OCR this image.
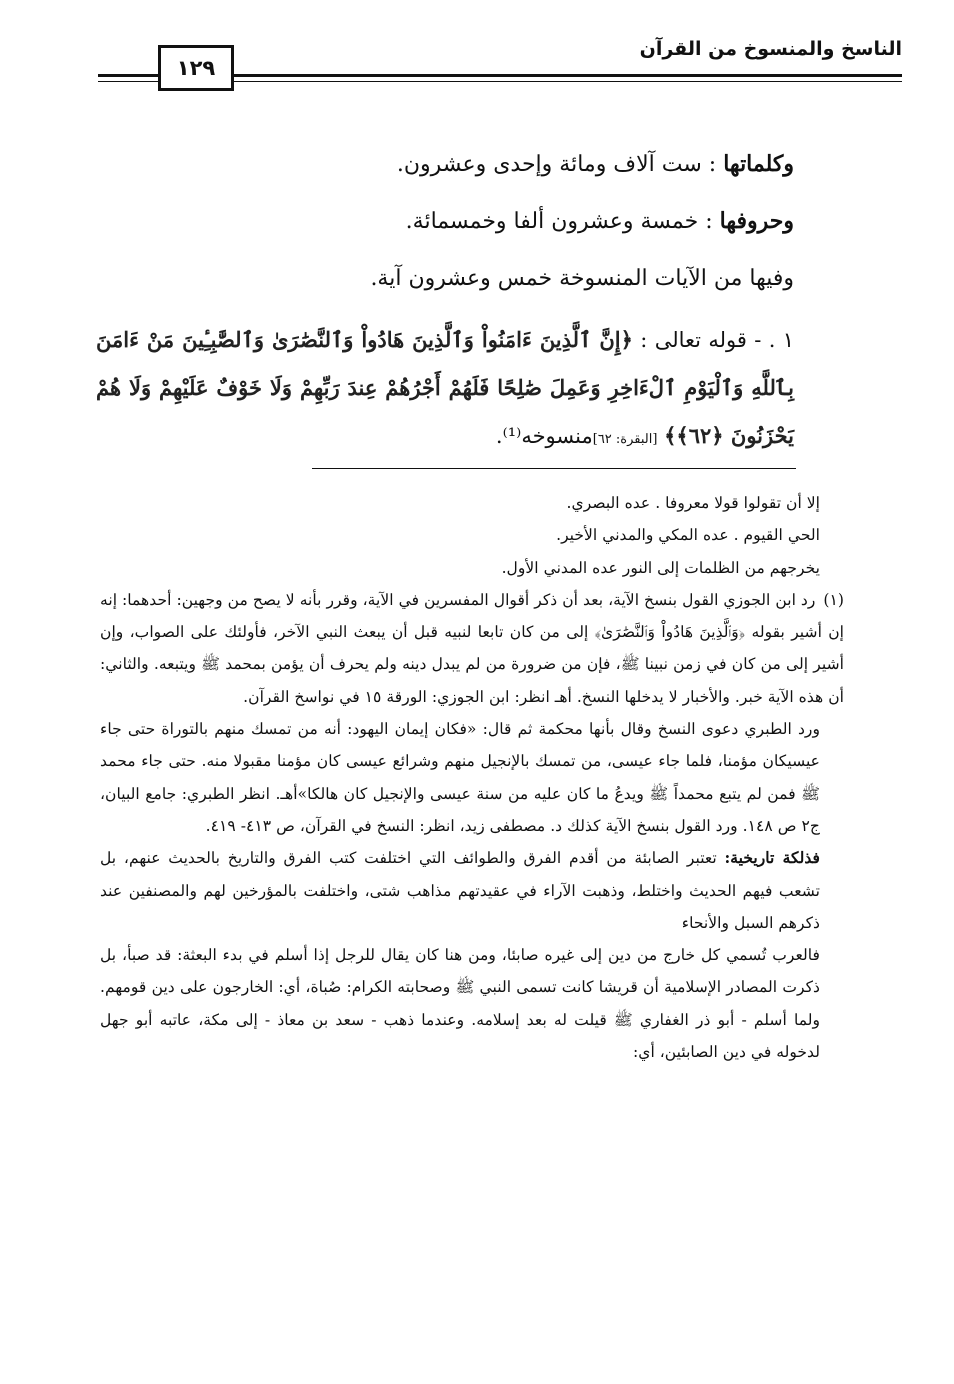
الناسخ والمنسوخ من القرآن
١٢٩
وكلماتها : ست آلاف ومائة وإحدى وعشرون.
وحروفها : خمسة وعشرون ألفا وخمسمائة.
وفيها من الآيات المنسوخة خمس وعشرون آية.
١ . - قوله تعالى : ﴿إِنَّ ٱلَّذِينَ ءَامَنُواْ وَٱلَّذِينَ هَادُواْ وَٱلنَّصَٰرَىٰ وَٱلصَّٰبِـِٔينَ مَنْ ءَامَنَ بِٱللَّهِ وَٱلْيَوْمِ ٱلْءَاخِرِ وَعَمِلَ صَٰلِحًا فَلَهُمْ أَجْرُهُمْ عِندَ رَبِّهِمْ وَلَا خَوْفٌ عَلَيْهِمْ وَلَا هُمْ يَحْزَنُونَ ﴿٦٢﴾﴾ [البقرة: ٦٢]منسوخه⁽¹⁾.

إلا أن تقولوا قولا معروفا . عده البصري.

الحي القيوم . عده المكي والمدني الأخير.

يخرجهم من الظلمات إلى النور عده المدني الأول.

(١) رد ابن الجوزي القول بنسخ الآية، بعد أن ذكر أقوال المفسرين في الآية، وقرر بأنه لا يصح من وجهين: أحدهما: إنه إن أشير بقوله ﴿وَٱلَّذِينَ هَادُواْ وَٱلنَّصَٰرَىٰ﴾ إلى من كان تابعا لنبيه قبل أن يبعث النبي الآخر، فأولئك على الصواب، وإن أشير إلى من كان في زمن نبينا ﷺ، فإن من ضرورة من لم يبدل دينه ولم يحرف أن يؤمن بمحمد ﷺ ويتبعه. والثاني: أن هذه الآية خبر. والأخبار لا يدخلها النسخ. أهـ انظر: ابن الجوزي: الورقة ١٥ في نواسخ القرآن.

ورد الطبري دعوى النسخ وقال بأنها محكمة ثم قال: «فكان إيمان اليهود: أنه من تمسك منهم بالتوراة حتى جاء عيسيكان مؤمنا، فلما جاء عيسى، من تمسك بالإنجيل منهم وشرائع عيسى كان مؤمنا مقبولا منه. حتى جاء محمد ﷺ فمن لم يتبع محمداً ﷺ ويدعُ ما كان عليه من سنة عيسى والإنجيل كان هالكا»أهـ. انظر الطبري: جامع البيان، ج٢ ص ١٤٨. ورد القول بنسخ الآية كذلك د. مصطفى زيد، انظر: النسخ في القرآن، ص ٤١٣- ٤١٩.

فذلكة تاريخية: تعتبر الصابئة من أقدم الفرق والطوائف التي اختلفت كتب الفرق والتاريخ بالحديث عنهم، بل تشعب فيهم الحديث واختلط، وذهبت الآراء في عقيدتهم مذاهب شتى، واختلفت بالمؤرخين لهم والمصنفين عند ذكرهم السبل والأنحاء

فالعرب تُسمي كل خارج من دين إلى غيره صابئا، ومن هنا كان يقال للرجل إذا أسلم في بدء البعثة: قد صبأ، بل ذكرت المصادر الإسلامية أن قريشا كانت تسمى النبي ﷺ وصحابته الكرام: صُباة، أي: الخارجون على دين قومهم. ولما أسلم - أبو ذر الغفاري ﷺ قيلت له بعد إسلامه. وعندما ذهب - سعد بن معاذ - إلى مكة، عاتبه أبو جهل لدخوله في دين الصابئين، أي:
